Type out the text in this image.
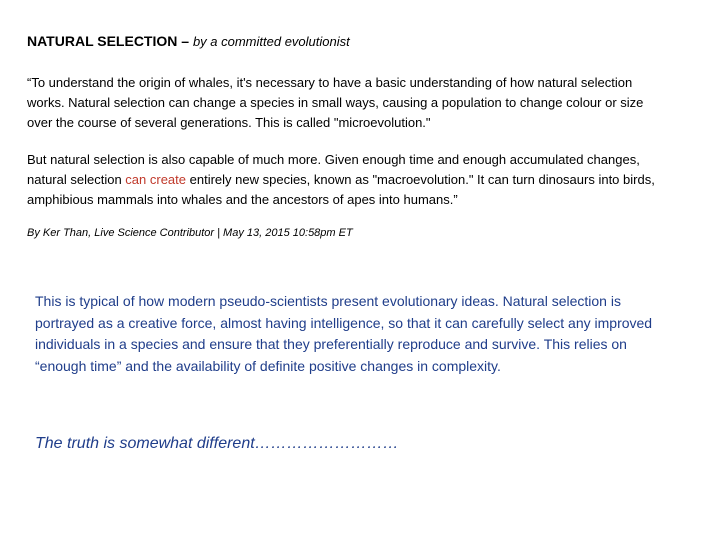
NATURAL SELECTION – by a committed evolutionist
“To understand the origin of whales, it's necessary to have a basic understanding of how natural selection works. Natural selection can change a species in small ways, causing a population to change colour or size over the course of several generations. This is called "microevolution."
But natural selection is also capable of much more. Given enough time and enough accumulated changes, natural selection can create entirely new species, known as "macroevolution." It can turn dinosaurs into birds, amphibious mammals into whales and the ancestors of apes into humans.”
By Ker Than, Live Science Contributor | May 13, 2015 10:58pm ET
This is typical of how modern pseudo-scientists present evolutionary ideas. Natural selection is portrayed as a creative force, almost having intelligence, so that it can carefully select any improved individuals in a species and ensure that they preferentially reproduce and survive. This relies on “enough time” and the availability of definite positive changes in complexity.
The truth is somewhat different………………………
